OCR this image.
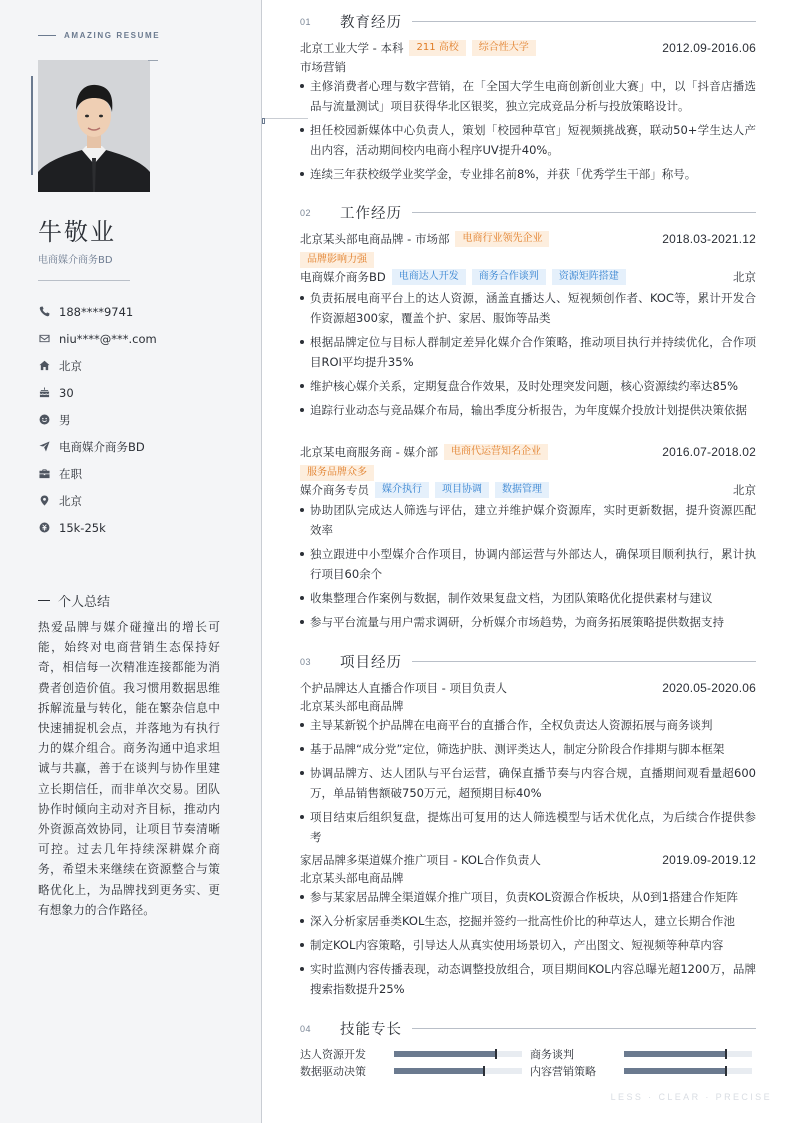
AMAZING RESUME
牛敬业
电商媒介商务BD
188****9741
niu****@***.com
北京
30
男
电商媒介商务BD
在职
北京
15k-25k
个人总结

热爱品牌与媒介碰撞出的增长可能，始终对电商营销生态保持好奇，相信每一次精准连接都能为消费者创造价值。我习惯用数据思维拆解流量与转化，能在繁杂信息中快速捕捉机会点，并落地为有执行力的媒介组合。商务沟通中追求坦诚与共赢，善于在谈判与协作里建立长期信任，而非单次交易。团队协作时倾向主动对齐目标，推动内外资源高效协同，让项目节奏清晰可控。过去几年持续深耕媒介商务，希望未来继续在资源整合与策略优化上，为品牌找到更务实、更有想象力的合作路径。

01	教育经历
北京工业大学 - 本科	211 高校	综合性大学	2012.09-2016.06
市场营销
主修消费者心理与数字营销，在「全国大学生电商创新创业大赛」中，以「抖音店播选品与流量测试」项目获得华北区银奖，独立完成竞品分析与投放策略设计。
担任校园新媒体中心负责人，策划「校园种草官」短视频挑战赛，联动50+学生达人产出内容，活动期间校内电商小程序UV提升40%。
连续三年获校级学业奖学金，专业排名前8%，并获「优秀学生干部」称号。
02	工作经历
北京某头部电商品牌 - 市场部	电商行业领先企业	2018.03-2021.12
品牌影响力强
电商媒介商务BD	电商达人开发	商务合作谈判	资源矩阵搭建	北京
负责拓展电商平台上的达人资源，涵盖直播达人、短视频创作者、KOC等，累计开发合作资源超300家，覆盖个护、家居、服饰等品类
根据品牌定位与目标人群制定差异化媒介合作策略，推动项目执行并持续优化，合作项目ROI平均提升35%
维护核心媒介关系，定期复盘合作效果，及时处理突发问题，核心资源续约率达85%
追踪行业动态与竞品媒介布局，输出季度分析报告，为年度媒介投放计划提供决策依据
北京某电商服务商 - 媒介部	电商代运营知名企业	2016.07-2018.02
服务品牌众多
媒介商务专员	媒介执行	项目协调	数据管理	北京
协助团队完成达人筛选与评估，建立并维护媒介资源库，实时更新数据，提升资源匹配效率
独立跟进中小型媒介合作项目，协调内部运营与外部达人，确保项目顺利执行，累计执行项目60余个
收集整理合作案例与数据，制作效果复盘文档，为团队策略优化提供素材与建议
参与平台流量与用户需求调研，分析媒介市场趋势，为商务拓展策略提供数据支持
03	项目经历
个护品牌达人直播合作项目 - 项目负责人	2020.05-2020.06
北京某头部电商品牌
主导某新锐个护品牌在电商平台的直播合作，全权负责达人资源拓展与商务谈判
基于品牌“成分党”定位，筛选护肤、测评类达人，制定分阶段合作排期与脚本框架
协调品牌方、达人团队与平台运营，确保直播节奏与内容合规，直播期间观看量超600万，单品销售额破750万元，超预期目标40%
项目结束后组织复盘，提炼出可复用的达人筛选模型与话术优化点，为后续合作提供参考
家居品牌多渠道媒介推广项目 - KOL合作负责人	2019.09-2019.12
北京某头部电商品牌
参与某家居品牌全渠道媒介推广项目，负责KOL资源合作板块，从0到1搭建合作矩阵
深入分析家居垂类KOL生态，挖掘并签约一批高性价比的种草达人，建立长期合作池
制定KOL内容策略，引导达人从真实使用场景切入，产出图文、短视频等种草内容
实时监测内容传播表现，动态调整投放组合，项目期间KOL内容总曝光超1200万，品牌搜索指数提升25%
04	技能专长
达人资源开发	商务谈判
数据驱动决策	内容营销策略
LESS · CLEAR · PRECISE
